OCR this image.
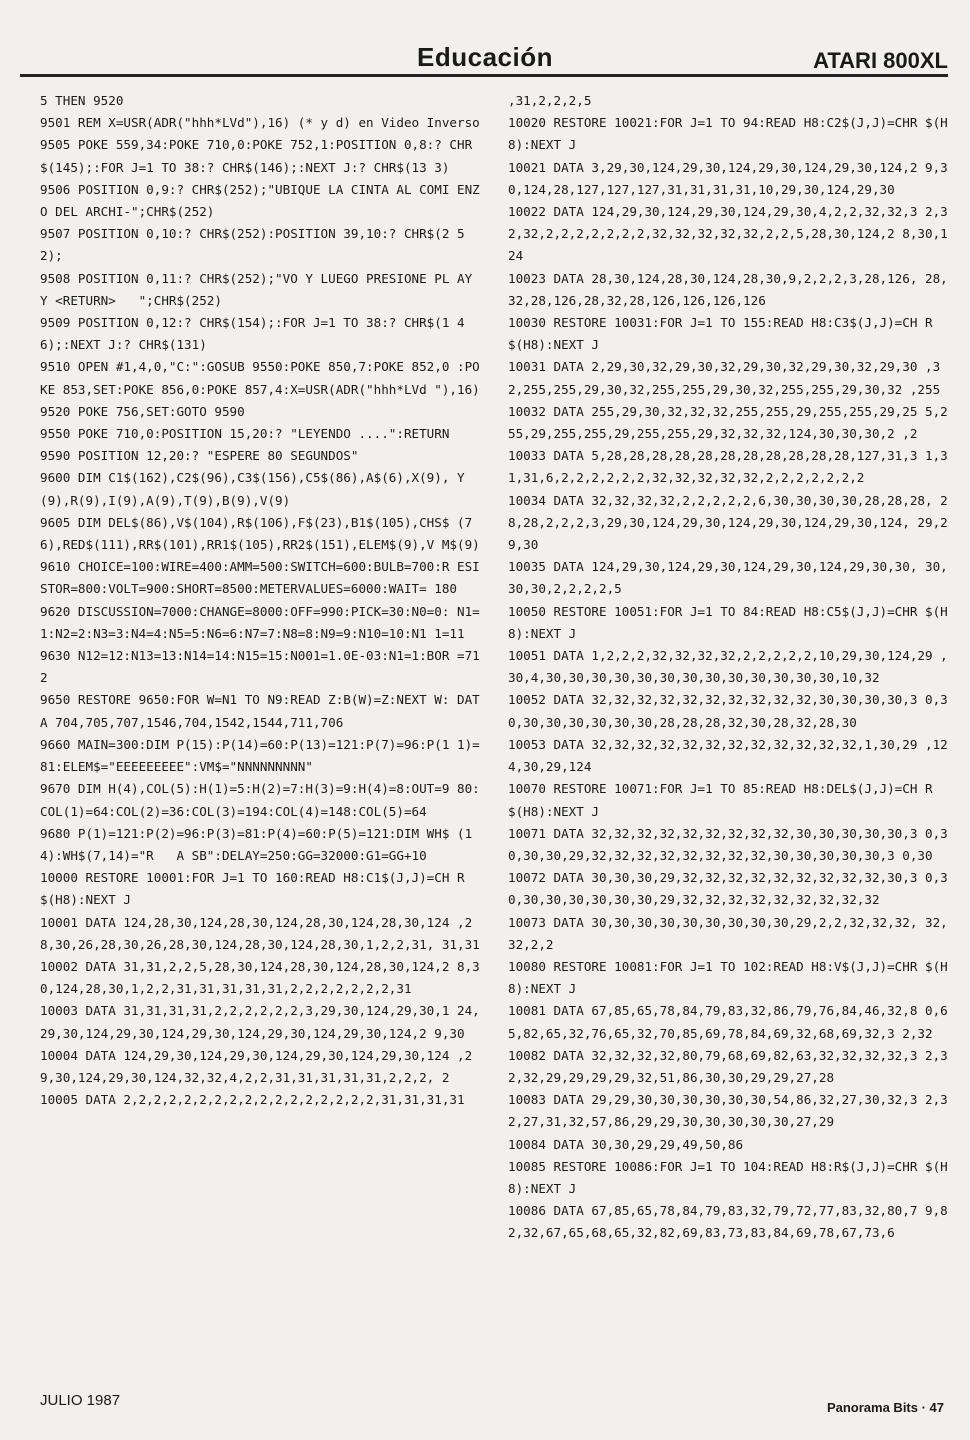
Educación	ATARI 800XL
5 THEN 9520
9501 REM X=USR(ADR("hhh*LVd"),16) (* y d) en Video Inverso
9505 POKE 559,34:POKE 710,0:POKE 752,1:POSITION 0,8:? CHR$(145);:FOR J=1 TO 38:? CHR$(146);:NEXT J:? CHR$(13 3)
9506 POSITION 0,9:? CHR$(252);"UBIQUE LA CINTA AL COMI ENZO DEL ARCHI-";CHR$(252)
9507 POSITION 0,10:? CHR$(252):POSITION 39,10:? CHR$(2 52);
9508 POSITION 0,11:? CHR$(252);"VO Y LUEGO PRESIONE PL AY Y <RETURN>   ";CHR$(252)
9509 POSITION 0,12:? CHR$(154);:FOR J=1 TO 38:? CHR$(1 46);:NEXT J:? CHR$(131)
9510 OPEN #1,4,0,"C:":GOSUB 9550:POKE 850,7:POKE 852,0 :POKE 853,SET:POKE 856,0:POKE 857,4:X=USR(ADR("hhh*LVd "),16)
9520 POKE 756,SET:GOTO 9590
9550 POKE 710,0:POSITION 15,20:? "LEYENDO ....":RETURN
9590 POSITION 12,20:? "ESPERE 80 SEGUNDOS"
9600 DIM C1$(162),C2$(96),C3$(156),C5$(86),A$(6),X(9), Y(9),R(9),I(9),A(9),T(9),B(9),V(9)
9605 DIM DEL$(86),V$(104),R$(106),F$(23),B1$(105),CHS$ (76),RED$(111),RR$(101),RR1$(105),RR2$(151),ELEM$(9),V M$(9)
9610 CHOICE=100:WIRE=400:AMM=500:SWITCH=600:BULB=700:R ESISTOR=800:VOLT=900:SHORT=8500:METERVALUES=6000:WAIT= 180
9620 DISCUSSION=7000:CHANGE=8000:OFF=990:PICK=30:N0=0: N1=1:N2=2:N3=3:N4=4:N5=5:N6=6:N7=7:N8=8:N9=9:N10=10:N1 1=11
9630 N12=12:N13=13:N14=14:N15=15:N001=1.0E-03:N1=1:BOR =712
9650 RESTORE 9650:FOR W=N1 TO N9:READ Z:B(W)=Z:NEXT W: DATA 704,705,707,1546,704,1542,1544,711,706
9660 MAIN=300:DIM P(15):P(14)=60:P(13)=121:P(7)=96:P(1 1)=81:ELEM$="EEEEEEEEE":VM$="NNNNNNNNN"
9670 DIM H(4),COL(5):H(1)=5:H(2)=7:H(3)=9:H(4)=8:OUT=9 80:COL(1)=64:COL(2)=36:COL(3)=194:COL(4)=148:COL(5)=64
9680 P(1)=121:P(2)=96:P(3)=81:P(4)=60:P(5)=121:DIM WH$ (14):WH$(7,14)="R   A SB":DELAY=250:GG=32000:G1=GG+10
10000 RESTORE 10001:FOR J=1 TO 160:READ H8:C1$(J,J)=CH R$(H8):NEXT J
10001 DATA 124,28,30,124,28,30,124,28,30,124,28,30,124 ,28,30,26,28,30,26,28,30,124,28,30,124,28,30,1,2,2,31, 31,31
10002 DATA 31,31,2,2,5,28,30,124,28,30,124,28,30,124,2 8,30,124,28,30,1,2,2,31,31,31,31,31,2,2,2,2,2,2,2,31
10003 DATA 31,31,31,31,2,2,2,2,2,2,3,29,30,124,29,30,1 24,29,30,124,29,30,124,29,30,124,29,30,124,29,30,124,2 9,30
10004 DATA 124,29,30,124,29,30,124,29,30,124,29,30,124 ,29,30,124,29,30,124,32,32,4,2,2,31,31,31,31,31,2,2,2, 2
10005 DATA 2,2,2,2,2,2,2,2,2,2,2,2,2,2,2,2,2,31,31,31,31
,31,2,2,2,5
10020 RESTORE 10021:FOR J=1 TO 94:READ H8:C2$(J,J)=CHR $(H8):NEXT J
10021 DATA 3,29,30,124,29,30,124,29,30,124,29,30,124,2 9,30,124,28,127,127,127,31,31,31,31,10,29,30,124,29,30
10022 DATA 124,29,30,124,29,30,124,29,30,4,2,2,32,32,3 2,32,32,2,2,2,2,2,2,2,32,32,32,32,32,2,2,5,28,30,124,2 8,30,124
10023 DATA 28,30,124,28,30,124,28,30,9,2,2,2,3,28,126, 28,32,28,126,28,32,28,126,126,126,126
10030 RESTORE 10031:FOR J=1 TO 155:READ H8:C3$(J,J)=CH R$(H8):NEXT J
10031 DATA 2,29,30,32,29,30,32,29,30,32,29,30,32,29,30 ,32,255,255,29,30,32,255,255,29,30,32,255,255,29,30,32 ,255
10032 DATA 255,29,30,32,32,32,255,255,29,255,255,29,25 5,255,29,255,255,29,255,255,29,32,32,32,124,30,30,30,2 ,2
10033 DATA 5,28,28,28,28,28,28,28,28,28,28,28,127,31,3 1,31,31,6,2,2,2,2,2,2,32,32,32,32,32,2,2,2,2,2,2,2
10034 DATA 32,32,32,32,2,2,2,2,2,6,30,30,30,30,28,28,28, 28,28,2,2,2,3,29,30,124,29,30,124,29,30,124,29,30,124, 29,29,30
10035 DATA 124,29,30,124,29,30,124,29,30,124,29,30,30, 30,30,30,2,2,2,2,5
10050 RESTORE 10051:FOR J=1 TO 84:READ H8:C5$(J,J)=CHR $(H8):NEXT J
10051 DATA 1,2,2,2,32,32,32,32,2,2,2,2,2,10,29,30,124,29 ,30,4,30,30,30,30,30,30,30,30,30,30,30,30,30,10,32
10052 DATA 32,32,32,32,32,32,32,32,32,32,30,30,30,30,3 0,30,30,30,30,30,30,30,28,28,28,32,30,28,32,28,30
10053 DATA 32,32,32,32,32,32,32,32,32,32,32,32,1,30,29 ,124,30,29,124
10070 RESTORE 10071:FOR J=1 TO 85:READ H8:DEL$(J,J)=CH R$(H8):NEXT J
10071 DATA 32,32,32,32,32,32,32,32,32,30,30,30,30,30,3 0,30,30,30,29,32,32,32,32,32,32,32,32,30,30,30,30,30,3 0,30
10072 DATA 30,30,30,29,32,32,32,32,32,32,32,32,32,30,3 0,30,30,30,30,30,30,30,29,32,32,32,32,32,32,32,32,32
10073 DATA 30,30,30,30,30,30,30,30,30,29,2,2,32,32,32, 32,32,2,2
10080 RESTORE 10081:FOR J=1 TO 102:READ H8:V$(J,J)=CHR $(H8):NEXT J
10081 DATA 67,85,65,78,84,79,83,32,86,79,76,84,46,32,8 0,65,82,65,32,76,65,32,70,85,69,78,84,69,32,68,69,32,3 2,32
10082 DATA 32,32,32,32,80,79,68,69,82,63,32,32,32,32,3 2,32,32,29,29,29,29,32,51,86,30,30,29,29,27,28
10083 DATA 29,29,30,30,30,30,30,30,54,86,32,27,30,32,3 2,32,27,31,32,57,86,29,29,30,30,30,30,30,27,29
10084 DATA 30,30,29,29,49,50,86
10085 RESTORE 10086:FOR J=1 TO 104:READ H8:R$(J,J)=CHR $(H8):NEXT J
10086 DATA 67,85,65,78,84,79,83,32,79,72,77,83,32,80,7 9,82,32,67,65,68,65,32,82,69,83,73,83,84,69,78,67,73,6
JULIO 1987	Panorama Bits · 47
